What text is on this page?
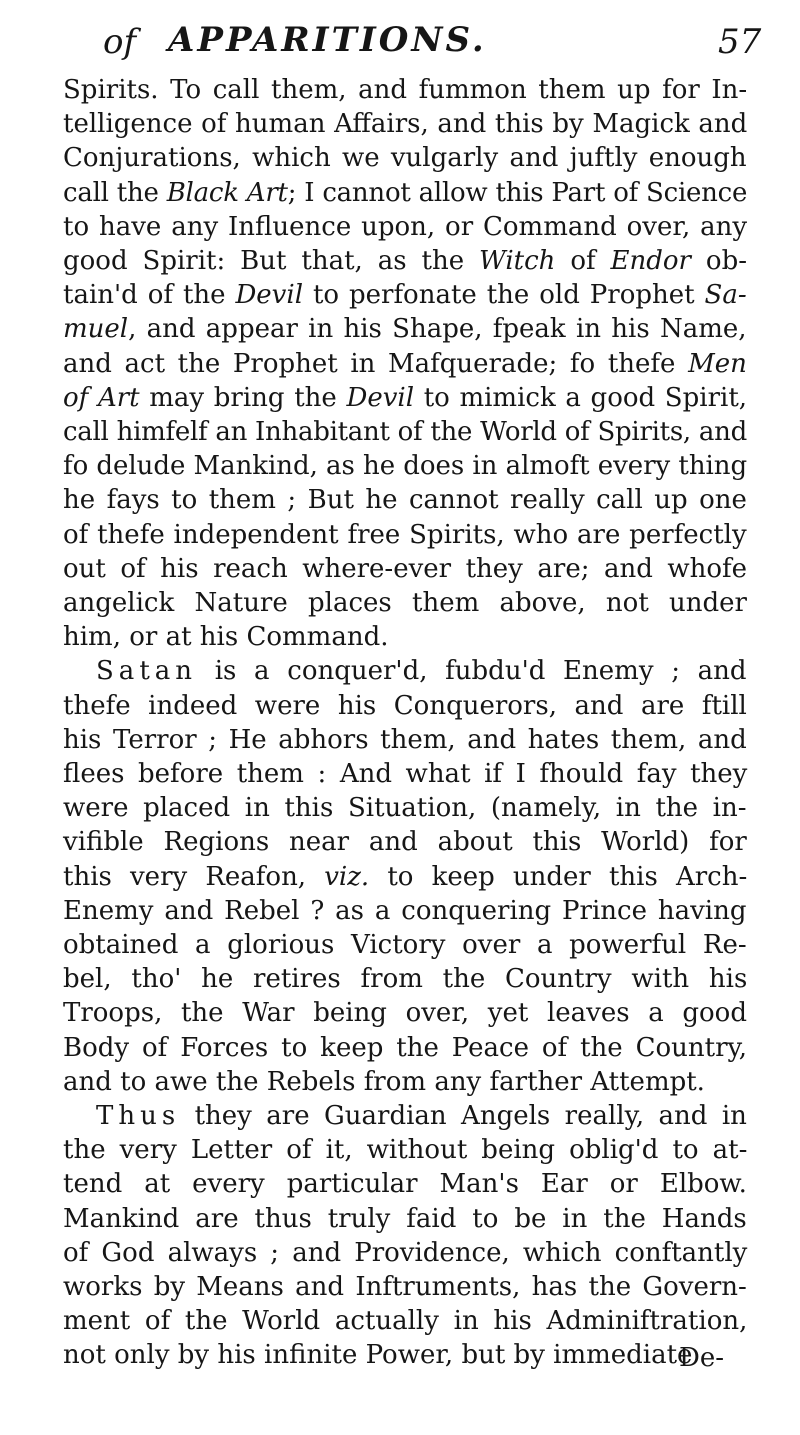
of APPARITIONS.	57
Spirits. To call them, and fummon them up for In-
telligence of human Affairs, and this by Magick and
Conjurations, which we vulgarly and juftly enough
call the Black Art; I cannot allow this Part of Science
to have any Influence upon, or Command over, any
good Spirit: But that, as the Witch of Endor ob-
tain'd of the Devil to perfonate the old Prophet Sa-
muel, and appear in his Shape, fpeak in his Name,
and act the Prophet in Mafquerade; fo thefe Men
of Art may bring the Devil to mimick a good Spirit,
call himfelf an Inhabitant of the World of Spirits, and
fo delude Mankind, as he does in almoft every thing
he fays to them ; But he cannot really call up one
of thefe independent free Spirits, who are perfectly
out of his reach where-ever they are; and whofe
angelick Nature places them above, not under
him, or at his Command.
Satan is a conquer'd, fubdu'd Enemy ; and
thefe indeed were his Conquerors, and are ftill
his Terror ; He abhors them, and hates them, and
flees before them : And what if I fhould fay they
were placed in this Situation, (namely, in the in-
vifible Regions near and about this World) for
this very Reafon, viz. to keep under this Arch-
Enemy and Rebel ? as a conquering Prince having
obtained a glorious Victory over a powerful Re-
bel, tho' he retires from the Country with his
Troops, the War being over, yet leaves a good
Body of Forces to keep the Peace of the Country,
and to awe the Rebels from any farther Attempt.
Thus they are Guardian Angels really, and in
the very Letter of it, without being oblig'd to at-
tend at every particular Man's Ear or Elbow.
Mankind are thus truly faid to be in the Hands
of God always ; and Providence, which conftantly
works by Means and Inftruments, has the Govern-
ment of the World actually in his Adminiftration,
not only by his infinite Power, but by immediate
De-
